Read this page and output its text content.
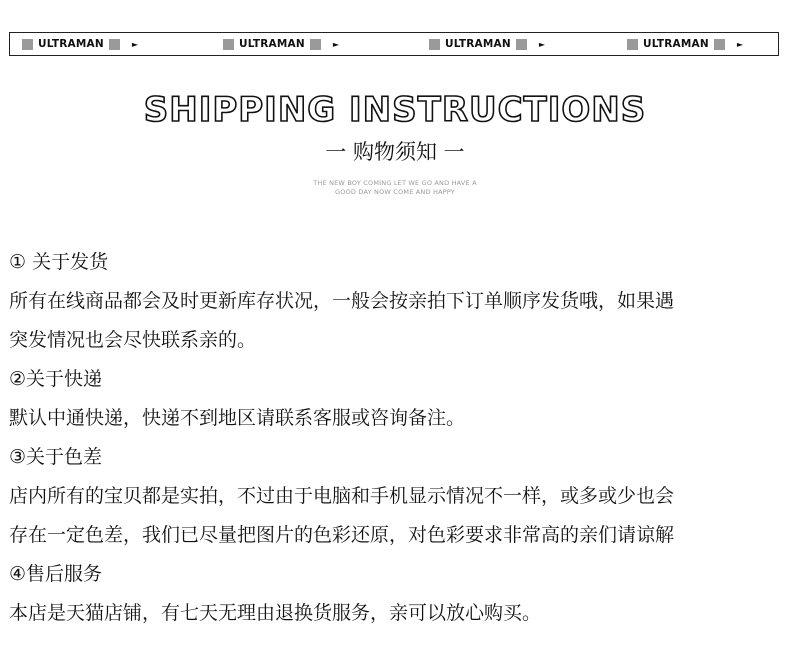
ULTRAMAN	►	ULTRAMAN	►	ULTRAMAN	►	ULTRAMAN	►
SHIPPING INSTRUCTIONS
一 购物须知 一
THE NEW BOY COMING LET WE GO AND HAVE A
GOOD DAY NOW COME AND HAPPY
① 关于发货
所有在线商品都会及时更新库存状况，一般会按亲拍下订单顺序发货哦，如果遇
突发情况也会尽快联系亲的。
②关于快递
默认中通快递，快递不到地区请联系客服或咨询备注。
③关于色差
店内所有的宝贝都是实拍，不过由于电脑和手机显示情况不一样，或多或少也会
存在一定色差，我们已尽量把图片的色彩还原，对色彩要求非常高的亲们请谅解
④售后服务
本店是天猫店铺，有七天无理由退换货服务，亲可以放心购买。
